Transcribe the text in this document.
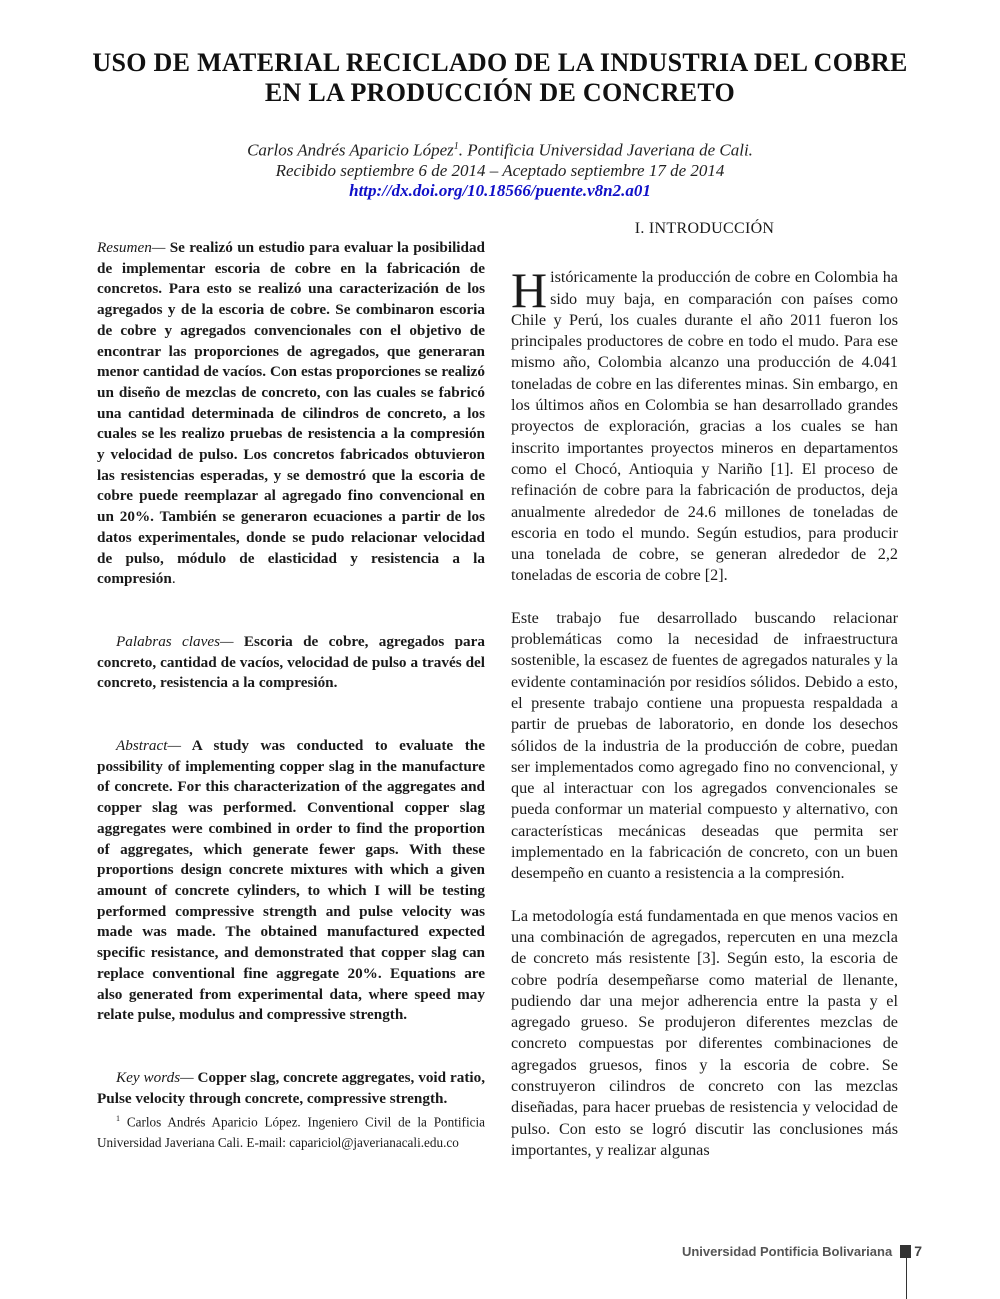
USO DE MATERIAL RECICLADO DE LA INDUSTRIA DEL COBRE
EN LA PRODUCCIÓN DE CONCRETO
Carlos Andrés Aparicio López$^1$. Pontificia Universidad Javeriana de Cali.
Recibido septiembre 6 de 2014 – Aceptado septiembre 17 de 2014
http://dx.doi.org/10.18566/puente.v8n2.a01

Resumen— Se realizó un estudio para evaluar la posibilidad de implementar escoria de cobre en la fabricación de concretos. Para esto se realizó una caracterización de los agregados y de la escoria de cobre. Se combinaron escoria de cobre y agregados convencionales con el objetivo de encontrar las proporciones de agregados, que generaran menor cantidad de vacíos. Con estas proporciones se realizó un diseño de mezclas de concreto, con las cuales se fabricó una cantidad determinada de cilindros de concreto, a los cuales se les realizo pruebas de resistencia a la compresión y velocidad de pulso. Los concretos fabricados obtuvieron las resistencias esperadas, y se demostró que la escoria de cobre puede reemplazar al agregado fino convencional en un 20%. También se generaron ecuaciones a partir de los datos experimentales, donde se pudo relacionar velocidad de pulso, módulo de elasticidad y resistencia a la compresión.

Palabras claves— Escoria de cobre, agregados para concreto, cantidad de vacíos, velocidad de pulso a través del concreto, resistencia a la compresión.

Abstract— A study was conducted to evaluate the possibility of implementing copper slag in the manufacture of concrete. For this characterization of the aggregates and copper slag was performed. Conventional copper slag aggregates were combined in order to find the proportion of aggregates, which generate fewer gaps. With these proportions design concrete mixtures with which a given amount of concrete cylinders, to which I will be testing performed compressive strength and pulse velocity was made was made. The obtained manufactured expected specific resistance, and demonstrated that copper slag can replace conventional fine aggregate 20%. Equations are also generated from experimental data, where speed may relate pulse, modulus and compressive strength.

Key words— Copper slag, concrete aggregates, void ratio, Pulse velocity through concrete, compressive strength.

$^1$ Carlos Andrés Aparicio López. Ingeniero Civil de la Pontificia Universidad Javeriana Cali. E-mail: capariciol@javerianacali.edu.co

I. INTRODUCCIÓN

Históricamente la producción de cobre en Colombia ha sido muy baja, en comparación con países como Chile y Perú, los cuales durante el año 2011 fueron los principales productores de cobre en todo el mudo. Para ese mismo año, Colombia alcanzo una producción de 4.041 toneladas de cobre en las diferentes minas. Sin embargo, en los últimos años en Colombia se han desarrollado grandes proyectos de exploración, gracias a los cuales se han inscrito importantes proyectos mineros en departamentos como el Chocó, Antioquia y Nariño [1]. El proceso de refinación de cobre para la fabricación de productos, deja anualmente alrededor de 24.6 millones de toneladas de escoria en todo el mundo. Según estudios, para producir una tonelada de cobre, se generan alrededor de 2,2 toneladas de escoria de cobre [2].

Este trabajo fue desarrollado buscando relacionar problemáticas como la necesidad de infraestructura sostenible, la escasez de fuentes de agregados naturales y la evidente contaminación por residíos sólidos. Debido a esto, el presente trabajo contiene una propuesta respaldada a partir de pruebas de laboratorio, en donde los desechos sólidos de la industria de la producción de cobre, puedan ser implementados como agregado fino no convencional, y que al interactuar con los agregados convencionales se pueda conformar un material compuesto y alternativo, con características mecánicas deseadas que permita ser implementado en la fabricación de concreto, con un buen desempeño en cuanto a resistencia a la compresión.

La metodología está fundamentada en que menos vacios en una combinación de agregados, repercuten en una mezcla de concreto más resistente [3]. Según esto, la escoria de cobre podría desempeñarse como material de llenante, pudiendo dar una mejor adherencia entre la pasta y el agregado grueso. Se produjeron diferentes mezclas de concreto compuestas por diferentes combinaciones de agregados gruesos, finos y la escoria de cobre. Se construyeron cilindros de concreto con las mezclas diseñadas, para hacer pruebas de resistencia y velocidad de pulso. Con esto se logró discutir las conclusiones más importantes, y realizar algunas

Universidad Pontificia Bolivariana 7
